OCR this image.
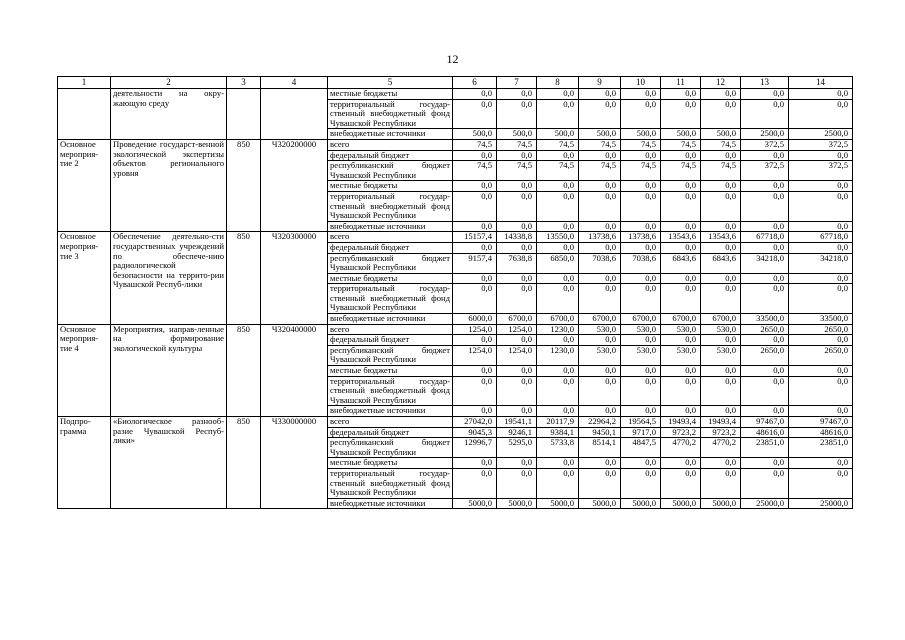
12
1	2	3	4	5	6	7	8	9	10	11	12	13	14
	деятельности на окру-жающую среду			местные бюджеты	0,0	0,0	0,0	0,0	0,0	0,0	0,0	0,0	0,0
				территориальный государ-ственный внебюджетный фонд Чувашской Республики	0,0	0,0	0,0	0,0	0,0	0,0	0,0	0,0	0,0
				внебюджетные источники	500,0	500,0	500,0	500,0	500,0	500,0	500,0	2500,0	2500,0
Основное мероприя-тие 2	Проведение государст-венной экологической экспертизы объектов регионального уровня	850	Ч320200000	всего	74,5	74,5	74,5	74,5	74,5	74,5	74,5	372,5	372,5
				федеральный бюджет	0,0	0,0	0,0	0,0	0,0	0,0	0,0	0,0	0,0
				республиканский бюджет Чувашской Республики	74,5	74,5	74,5	74,5	74,5	74,5	74,5	372,5	372,5
				местные бюджеты	0,0	0,0	0,0	0,0	0,0	0,0	0,0	0,0	0,0
				территориальный государ-ственный внебюджетный фонд Чувашской Республики	0,0	0,0	0,0	0,0	0,0	0,0	0,0	0,0	0,0
				внебюджетные источники	0,0	0,0	0,0	0,0	0,0	0,0	0,0	0,0	0,0
Основное мероприя-тие 3	Обеспечение деятельно-сти государственных учреждений по обеспече-нию радиологической безопасности на террито-рии Чувашской Респуб-лики	850	Ч320300000	всего	15157,4	14338,8	13550,0	13738,6	13738,6	13543,6	13543,6	67718,0	67718,0
				федеральный бюджет	0,0	0,0	0,0	0,0	0,0	0,0	0,0	0,0	0,0
				республиканский бюджет Чувашской Республики	9157,4	7638,8	6850,0	7038,6	7038,6	6843,6	6843,6	34218,0	34218,0
				местные бюджеты	0,0	0,0	0,0	0,0	0,0	0,0	0,0	0,0	0,0
				территориальный государ-ственный внебюджетный фонд Чувашской Республики	0,0	0,0	0,0	0,0	0,0	0,0	0,0	0,0	0,0
				внебюджетные источники	6000,0	6700,0	6700,0	6700,0	6700,0	6700,0	6700,0	33500,0	33500,0
Основное мероприя-тие 4	Мероприятия, направ-ленные на формирование экологической культуры	850	Ч320400000	всего	1254,0	1254,0	1230,0	530,0	530,0	530,0	530,0	2650,0	2650,0
				федеральный бюджет	0,0	0,0	0,0	0,0	0,0	0,0	0,0	0,0	0,0
				республиканский бюджет Чувашской Республики	1254,0	1254,0	1230,0	530,0	530,0	530,0	530,0	2650,0	2650,0
				местные бюджеты	0,0	0,0	0,0	0,0	0,0	0,0	0,0	0,0	0,0
				территориальный государ-ственный внебюджетный фонд Чувашской Республики	0,0	0,0	0,0	0,0	0,0	0,0	0,0	0,0	0,0
				внебюджетные источники	0,0	0,0	0,0	0,0	0,0	0,0	0,0	0,0	0,0
Подпро-грамма	«Биологическое разнооб-разие Чувашской Респуб-лики»	850	Ч330000000	всего	27042,0	19541,1	20117,9	22964,2	19564,5	19493,4	19493,4	97467,0	97467,0
				федеральный бюджет	9045,3	9246,1	9384,1	9450,1	9717,0	9723,2	9723,2	48616,0	48616,0
				республиканский бюджет Чувашской Республики	12996,7	5295,0	5733,8	8514,1	4847,5	4770,2	4770,2	23851,0	23851,0
				местные бюджеты	0,0	0,0	0,0	0,0	0,0	0,0	0,0	0,0	0,0
				территориальный государ-ственный внебюджетный фонд Чувашской Республики	0,0	0,0	0,0	0,0	0,0	0,0	0,0	0,0	0,0
				внебюджетные источники	5000,0	5000,0	5000,0	5000,0	5000,0	5000,0	5000,0	25000,0	25000,0
